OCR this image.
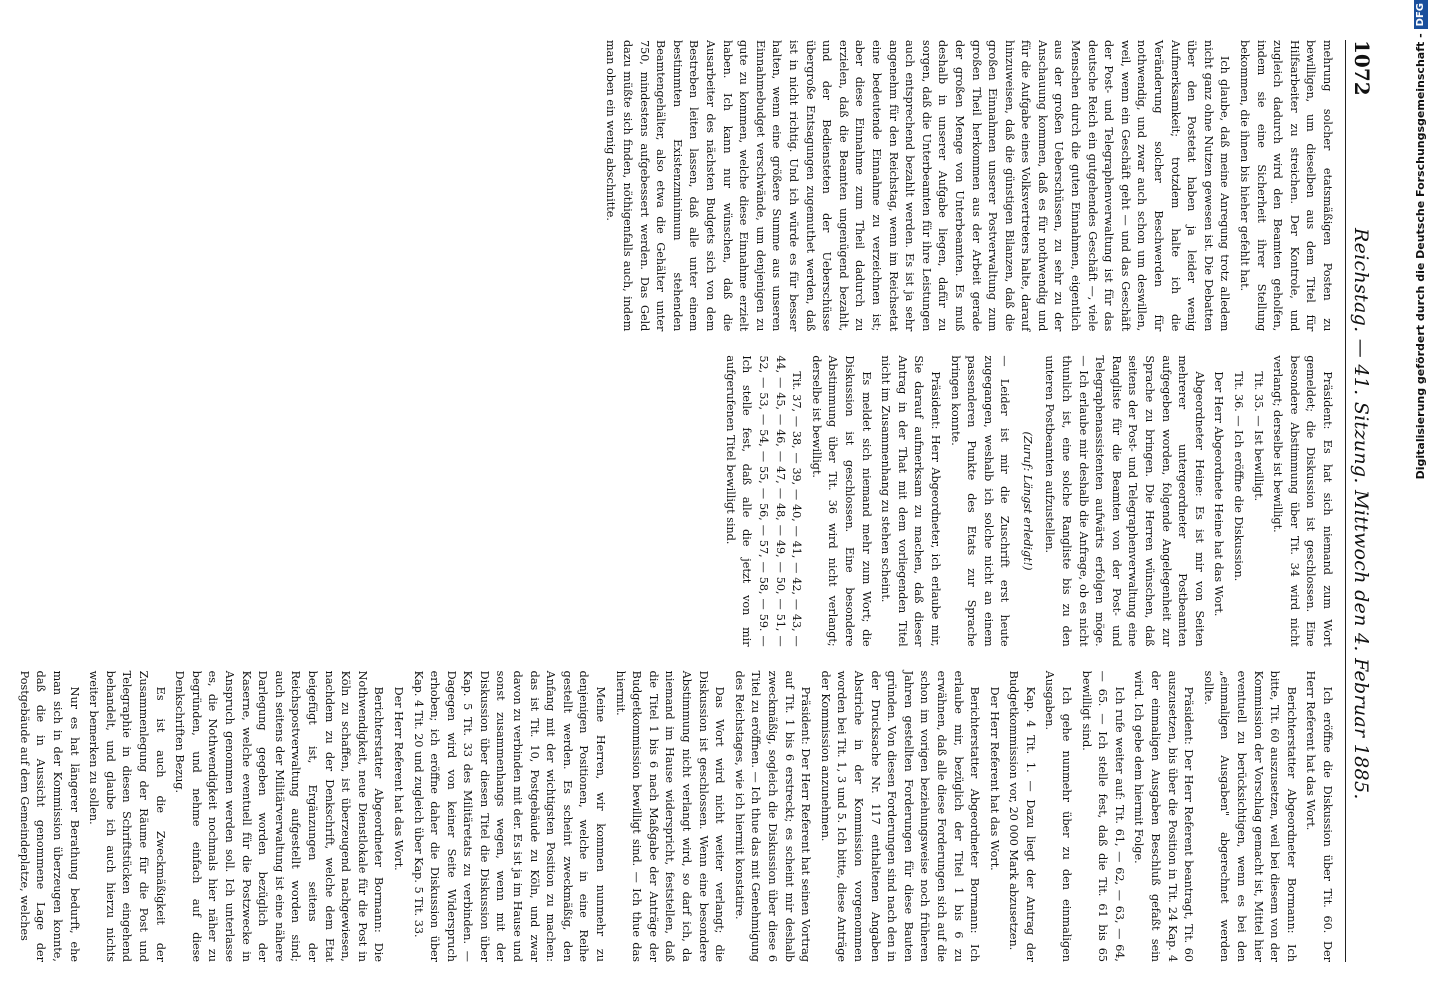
1072
Reichstag. — 41. Sitzung. Mittwoch den 4. Februar 1885.

mehrung solcher etatsmäßigen Posten zu bewilligen, um dieselben aus dem Titel für Hilfsarbeiter zu streichen. Der Kontrole, und zugleich dadurch wird den Beamten geholfen, indem sie eine Sicherheit ihrer Stellung bekommen, die ihnen bis hieher gefehlt hat.

Ich glaube, daß meine Anregung trotz alledem nicht ganz ohne Nutzen gewesen ist. Die Debatten über den Postetat haben ja leider wenig Aufmerksamkeit; trotzdem halte ich die Veränderung solcher Beschwerden für nothwendig, und zwar auch schon um deswillen, weil, wenn ein Geschäft geht — und das Geschäft der Post- und Telegraphenverwaltung ist für das deutsche Reich ein gutgehendes Geschäft —, viele Menschen durch die guten Einnahmen, eigentlich aus der großen Ueberschüssen, zu sehr zu der Anschauung kommen, daß es für nothwendig und für die Aufgabe eines Volksvertreters halte, darauf hinzuweisen, daß die günstigen Bilanzen, daß die großen Einnahmen unserer Postverwaltung zum großen Theil herkommen aus der Arbeit gerade der großen Menge von Unterbeamten. Es muß deshalb in unserer Aufgabe liegen, dafür zu sorgen, daß die Unterbeamten für ihre Leistungen auch entsprechend bezahlt werden. Es ist ja sehr angenehm für den Reichstag, wenn im Reichsetat eine bedeutende Einnahme zu verzeichnen ist; aber diese Einnahme zum Theil dadurch zu erzielen, daß die Beamten ungenügend bezahlt, und der Bediensteten der Ueberschüsse übergroße Entsagungen zugemuthet werden, daß ist in nicht richtig. Und ich würde es für besser halten, wenn eine größere Summe aus unseren Einnahmebudget verschwände, um denjenigen zu gute zu kommen, welche diese Einnahme erzielt haben. Ich kann nur wünschen, daß die Ausarbeiter des nächsten Budgets sich von dem Bestreben leiten lassen, daß alle unter einem bestimmten Existenzminimum stehenden Beamtengehälter, also etwa die Gehälter unter 750, mindestens aufgebessert werden. Das Geld dazu müßte sich finden, nöthigenfalls auch, indem man oben ein wenig abschnitte.

Präsident: Es hat sich niemand zum Wort gemeldet; die Diskussion ist geschlossen. Eine besondere Abstimmung über Tit. 34 wird nicht verlangt; derselbe ist bewilligt.

Tit. 35. — Ist bewilligt.

Tit. 36. — Ich eröffne die Diskussion.

Der Herr Abgeordnete Heine hat das Wort.

Abgeordneter Heine: Es ist mir von Seiten mehrerer untergeordneter Postbeamten aufgegeben worden, folgende Angelegenheit zur Sprache zu bringen. Die Herren wünschen, daß seitens der Post- und Telegraphenverwaltung eine Rangliste für die Beamten von der Post- und Telegraphenassistenten aufwärts erfolgen möge. — Ich erlaube mir deshalb die Anfrage, ob es nicht thunlich ist, eine solche Rangliste bis zu den unteren Postbeamten aufzustellen.

(Zuruf: Längst erledigt!)

— Leider ist mir die Zuschrift erst heute zugegangen, weshalb ich solche nicht an einem passenderen Punkte des Etats zur Sprache bringen konnte.

Präsident: Herr Abgeordneter, ich erlaube mir, Sie darauf aufmerksam zu machen, daß dieser Antrag in der That mit dem vorliegenden Titel nicht im Zusammenhang zu stehen scheint.

Es meldet sich niemand mehr zum Wort; die Diskussion ist geschlossen. Eine besondere Abstimmung über Tit. 36 wird nicht verlangt; derselbe ist bewilligt.

Tit. 37, — 38, — 39, — 40, — 41, — 42, — 43, — 44, — 45, — 46, — 47, — 48, — 49, — 50, — 51, — 52, — 53, — 54, — 55, — 56, — 57, — 58, — 59. — Ich stelle fest, daß alle die jetzt von mir aufgerufenen Titel bewilligt sind.

Ich eröffne die Diskussion über Tit. 60. Der Herr Referent hat das Wort.

Berichterstatter Abgeordneter Bormann: Ich bitte, Tit. 60 auszusetzen, weil bei diesem von der Kommission der Vorschlag gemacht ist, Mittel hier eventuell zu berücksichtigen, wenn es bei den „einmaligen Ausgaben" abgerechnet werden sollte.

Präsident: Der Herr Referent beantragt, Tit. 60 auszusetzen, bis über die Position in Tit. 24 Kap. 4 der einmaligen Ausgaben Beschluß gefaßt sein wird. Ich gebe dem hiermit Folge.

Ich rufe weiter auf: Tit. 61, — 62, — 63, — 64, — 65. — Ich stelle fest, daß die Tit. 61 bis 65 bewilligt sind.

Ich gehe nunmehr über zu den einmaligen Ausgaben.

Kap. 4 Tit. 1. — Dazu liegt der Antrag der Budgetkommission vor, 20 000 Mark abzusetzen.

Der Herr Referent hat das Wort.

Berichterstatter Abgeordneter Bormann: Ich erlaube mir, bezüglich der Titel 1 bis 6 zu erwähnen, daß alle diese Forderungen sich auf die schon im vorigen beziehungsweise noch früheren Jahren gestellten Forderungen für diese Bauten gründen. Von diesen Forderungen sind nach den in der Drucksache Nr. 117 enthaltenen Angaben Abstriche in der Kommission vorgenommen worden bei Tit. 1, 3 und 5. Ich bitte, diese Anträge der Kommission anzunehmen.

Präsident: Der Herr Referent hat seinen Vortrag auf Tit. 1 bis 6 erstreckt; es scheint mir deshalb zweckmäßig, sogleich die Diskussion über diese 6 Titel zu eröffnen. — Ich thue das mit Genehmigung des Reichstages, wie ich hiermit konstatire.

Das Wort wird nicht weiter verlangt; die Diskussion ist geschlossen. Wenn eine besondere Abstimmung nicht verlangt wird, so darf ich, da niemand im Hause widerspricht, feststellen, daß die Titel 1 bis 6 nach Maßgabe der Anträge der Budgetkommission bewilligt sind. — Ich thue das hiermit.

Meine Herren, wir kommen nunmehr zu denjenigen Positionen, welche in eine Reihe gestellt werden. Es scheint zweckmäßig, den Anfang mit der wichtigsten Position zu machen: das ist Tit. 10, Postgebäude zu Köln, und zwar davon zu verbinden mit der. Es ist ja im Hause und sonst zusammenhangs wegen, wenn mit der Diskussion über diesen Titel die Diskussion über Kap. 5 Tit. 33 des Militäretats zu verbinden. — Dagegen wird von keiner Seite Widerspruch erhoben; ich eröffne daher die Diskussion über Kap. 4 Tit. 20 und zugleich über Kap. 5 Tit. 33.

Der Herr Referent hat das Wort.

Berichterstatter Abgeordneter Bormann: Die Nothwendigkeit, neue Dienstlokale für die Post in Köln zu schaffen, ist überzeugend nachgewiesen, nachdem zu der Denkschrift, welche dem Etat beigefügt ist, Ergänzungen seitens der Reichspostverwaltung aufgestellt worden sind; auch seitens der Militärverwaltung ist eine nähere Darlegung gegeben worden bezüglich der Kaserne, welche eventuell für die Postzwecke in Anspruch genommen werden soll. Ich unterlasse es, die Nothwendigkeit nochmals hier näher zu begründen, und nehme einfach auf diese Denkschriften Bezug.

Es ist auch die Zweckmäßigkeit der Zusammenlegung der Räume für die Post und Telegraphie in diesen Schriftstücken eingehend behandelt, und glaube ich auch hierzu nichts weiter bemerken zu sollen.

Nur es hat längerer Berathung bedurft, ehe man sich in der Kommission überzeugen konnte, daß die in Aussicht genommene Lage der Postgebäude auf dem Gemeindeplatze, welches

Digitalisierung gefördert durch die Deutsche Forschungsgemeinschaft -DFG
